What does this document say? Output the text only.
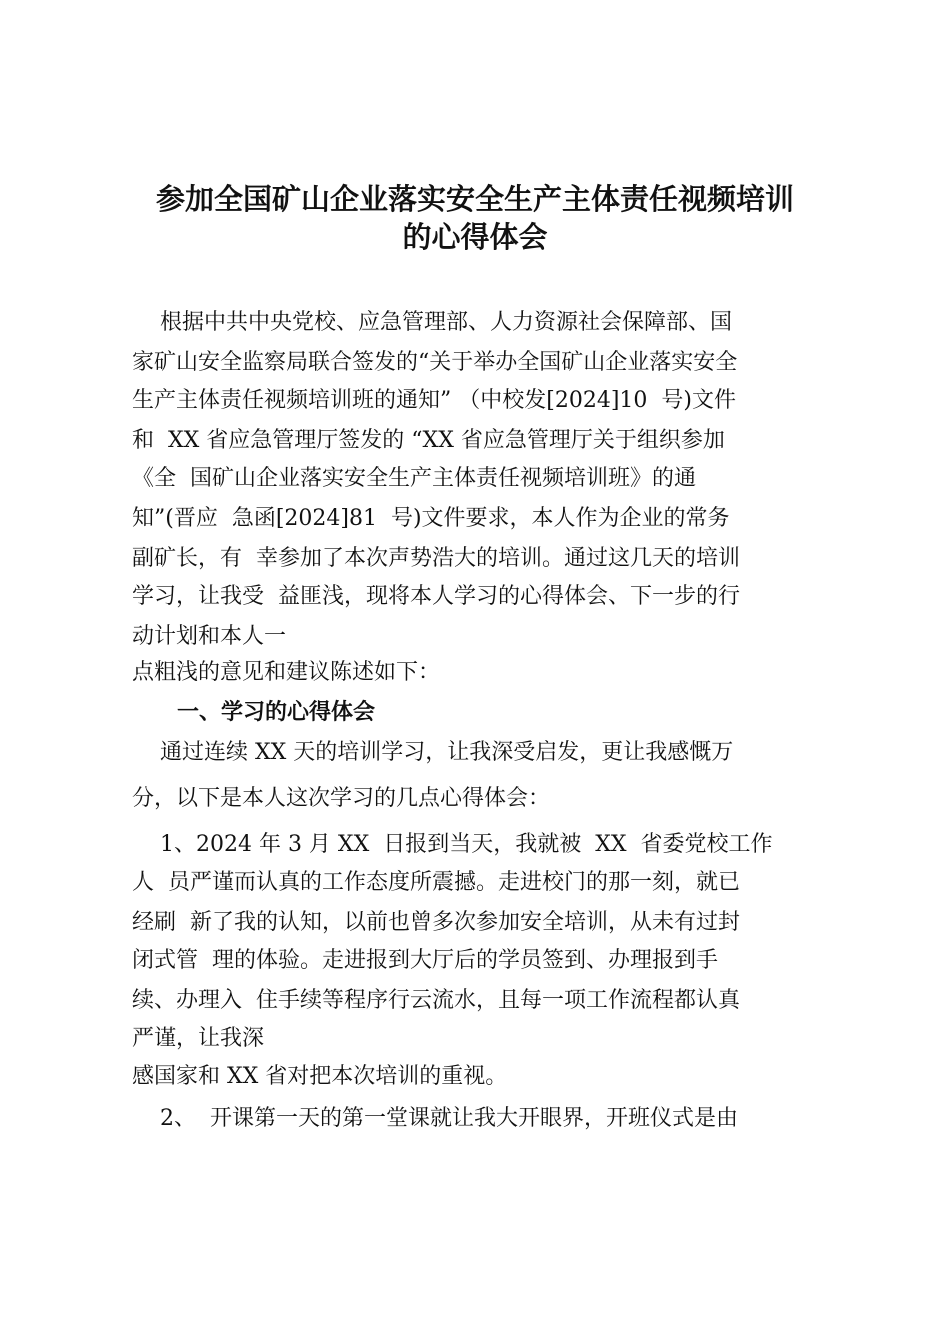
参加全国矿山企业落实安全生产主体责任视频培训
的心得体会

根据中共中央党校、应急管理部、人力资源社会保障部、国

家矿山安全监察局联合签发的“关于举办全国矿山企业落实安全

生产主体责任视频培训班的通知” （中校发[2024]10  号)文件

和  XX 省应急管理厅签发的 “XX 省应急管理厅关于组织参加

《全  国矿山企业落实安全生产主体责任视频培训班》的通

知”(晋应  急函[2024]81  号)文件要求，本人作为企业的常务

副矿长，有  幸参加了本次声势浩大的培训。通过这几天的培训

学习，让我受  益匪浅，现将本人学习的心得体会、下一步的行

动计划和本人一

点粗浅的意见和建议陈述如下：

一、学习的心得体会

通过连续 XX 天的培训学习，让我深受启发，更让我感慨万

分，以下是本人这次学习的几点心得体会：

1、2024 年 3 月 XX  日报到当天，我就被  XX  省委党校工作

人  员严谨而认真的工作态度所震撼。走进校门的那一刻，就已

经刷  新了我的认知，以前也曾多次参加安全培训，从未有过封

闭式管  理的体验。走进报到大厅后的学员签到、办理报到手

续、办理入  住手续等程序行云流水，且每一项工作流程都认真

严谨，让我深

感国家和 XX 省对把本次培训的重视。

2、  开课第一天的第一堂课就让我大开眼界，开班仪式是由
